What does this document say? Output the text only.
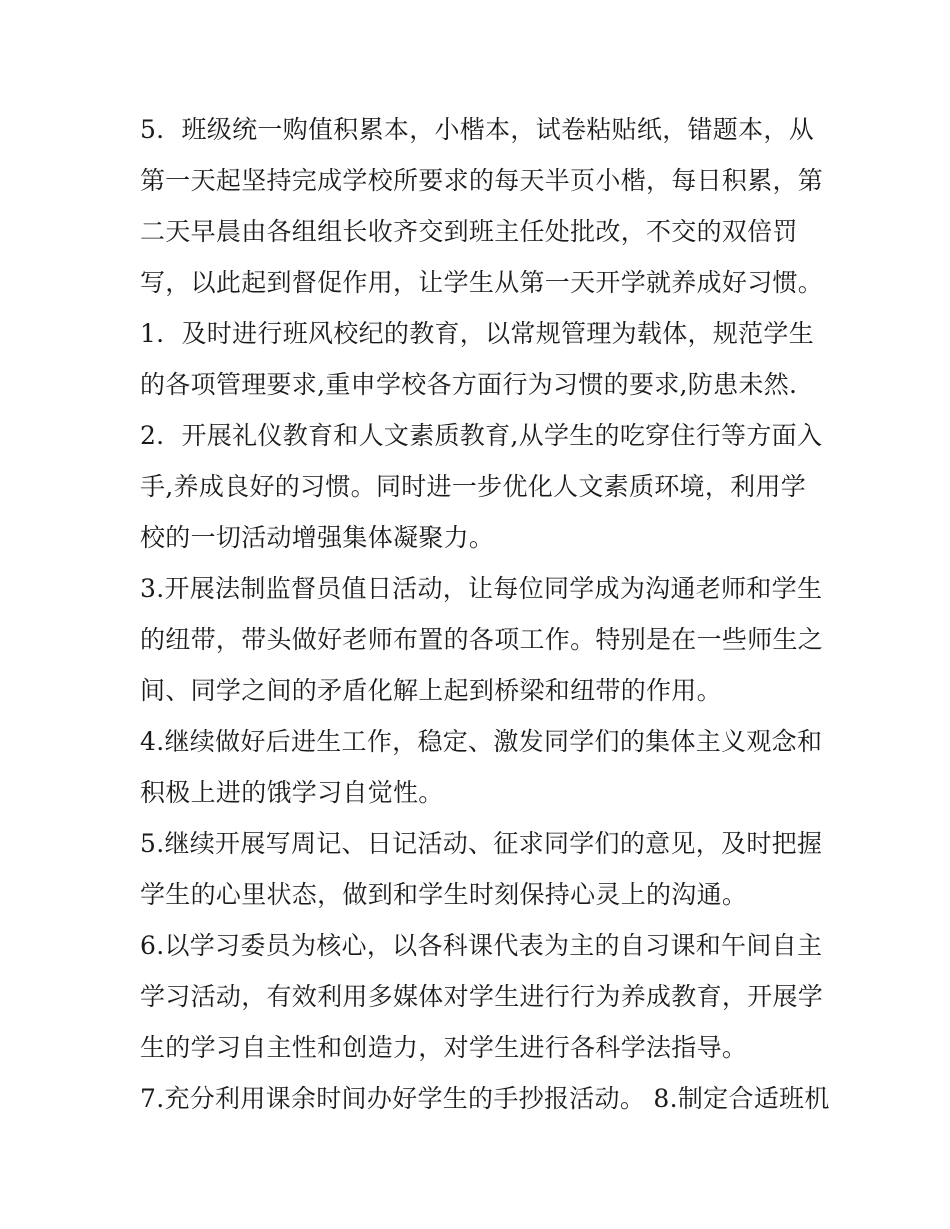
5．班级统一购值积累本，小楷本，试卷粘贴纸，错题本，从
第一天起坚持完成学校所要求的每天半页小楷，每日积累，第
二天早晨由各组组长收齐交到班主任处批改，不交的双倍罚
写，以此起到督促作用，让学生从第一天开学就养成好习惯。
1．及时进行班风校纪的教育，以常规管理为载体，规范学生
的各项管理要求,重申学校各方面行为习惯的要求,防患未然.
2．开展礼仪教育和人文素质教育,从学生的吃穿住行等方面入
手,养成良好的习惯。同时进一步优化人文素质环境，利用学
校的一切活动增强集体凝聚力。
3.开展法制监督员值日活动，让每位同学成为沟通老师和学生
的纽带，带头做好老师布置的各项工作。特别是在一些师生之
间、同学之间的矛盾化解上起到桥梁和纽带的作用。
4.继续做好后进生工作，稳定、激发同学们的集体主义观念和
积极上进的饿学习自觉性。
5.继续开展写周记、日记活动、征求同学们的意见，及时把握
学生的心里状态，做到和学生时刻保持心灵上的沟通。
6.以学习委员为核心，以各科课代表为主的自习课和午间自主
学习活动，有效利用多媒体对学生进行行为养成教育，开展学
生的学习自主性和创造力，对学生进行各科学法指导。
7.充分利用课余时间办好学生的手抄报活动。 8.制定合适班机
